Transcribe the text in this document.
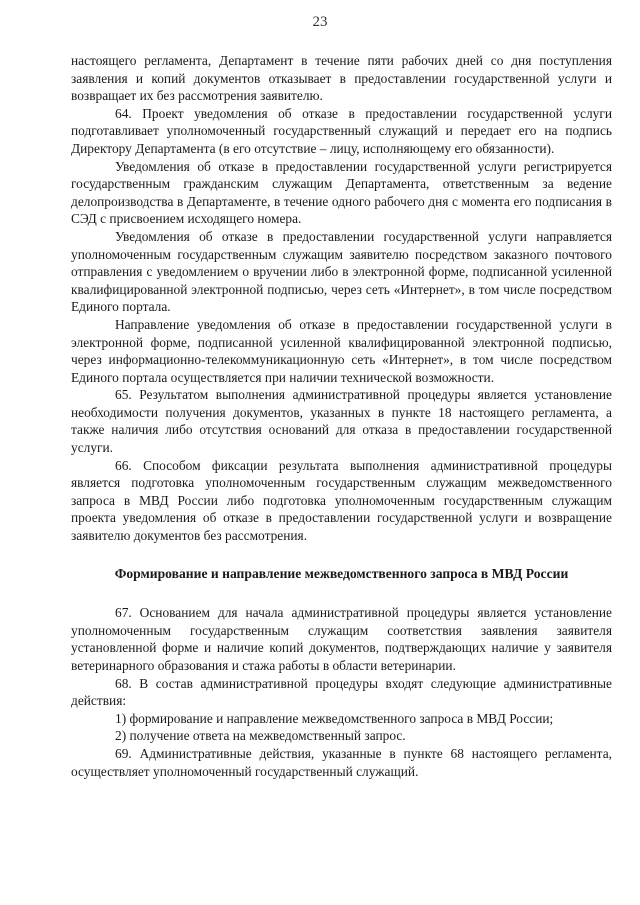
23

настоящего регламента, Департамент в течение пяти рабочих дней со дня поступления заявления и копий документов отказывает в предоставлении государственной услуги и возвращает их без рассмотрения заявителю.

64. Проект уведомления об отказе в предоставлении государственной услуги подготавливает уполномоченный государственный служащий и передает его на подпись Директору Департамента (в его отсутствие – лицу, исполняющему его обязанности).

Уведомления об отказе в предоставлении государственной услуги регистрируется государственным гражданским служащим Департамента, ответственным за ведение делопроизводства в Департаменте, в течение одного рабочего дня с момента его подписания в СЭД с присвоением исходящего номера.

Уведомления об отказе в предоставлении государственной услуги направляется уполномоченным государственным служащим заявителю посредством заказного почтового отправления с уведомлением о вручении либо в электронной форме, подписанной усиленной квалифицированной электронной подписью, через сеть «Интернет», в том числе посредством Единого портала.

Направление уведомления об отказе в предоставлении государственной услуги в электронной форме, подписанной усиленной квалифицированной электронной подписью, через информационно-телекоммуникационную сеть «Интернет», в том числе посредством Единого портала осуществляется при наличии технической возможности.

65. Результатом выполнения административной процедуры является установление необходимости получения документов, указанных в пункте 18 настоящего регламента, а также наличия либо отсутствия оснований для отказа в предоставлении государственной услуги.

66. Способом фиксации результата выполнения административной процедуры является подготовка уполномоченным государственным служащим межведомственного запроса в МВД России либо подготовка уполномоченным государственным служащим проекта уведомления об отказе в предоставлении государственной услуги и возвращение заявителю документов без рассмотрения.

Формирование и направление межведомственного запроса в МВД России

67. Основанием для начала административной процедуры является установление уполномоченным государственным служащим соответствия заявления заявителя установленной форме и наличие копий документов, подтверждающих наличие у заявителя ветеринарного образования и стажа работы в области ветеринарии.

68. В состав административной процедуры входят следующие административные действия:

1) формирование и направление межведомственного запроса в МВД России;

2) получение ответа на межведомственный запрос.

69. Административные действия, указанные в пункте 68 настоящего регламента, осуществляет уполномоченный государственный служащий.
